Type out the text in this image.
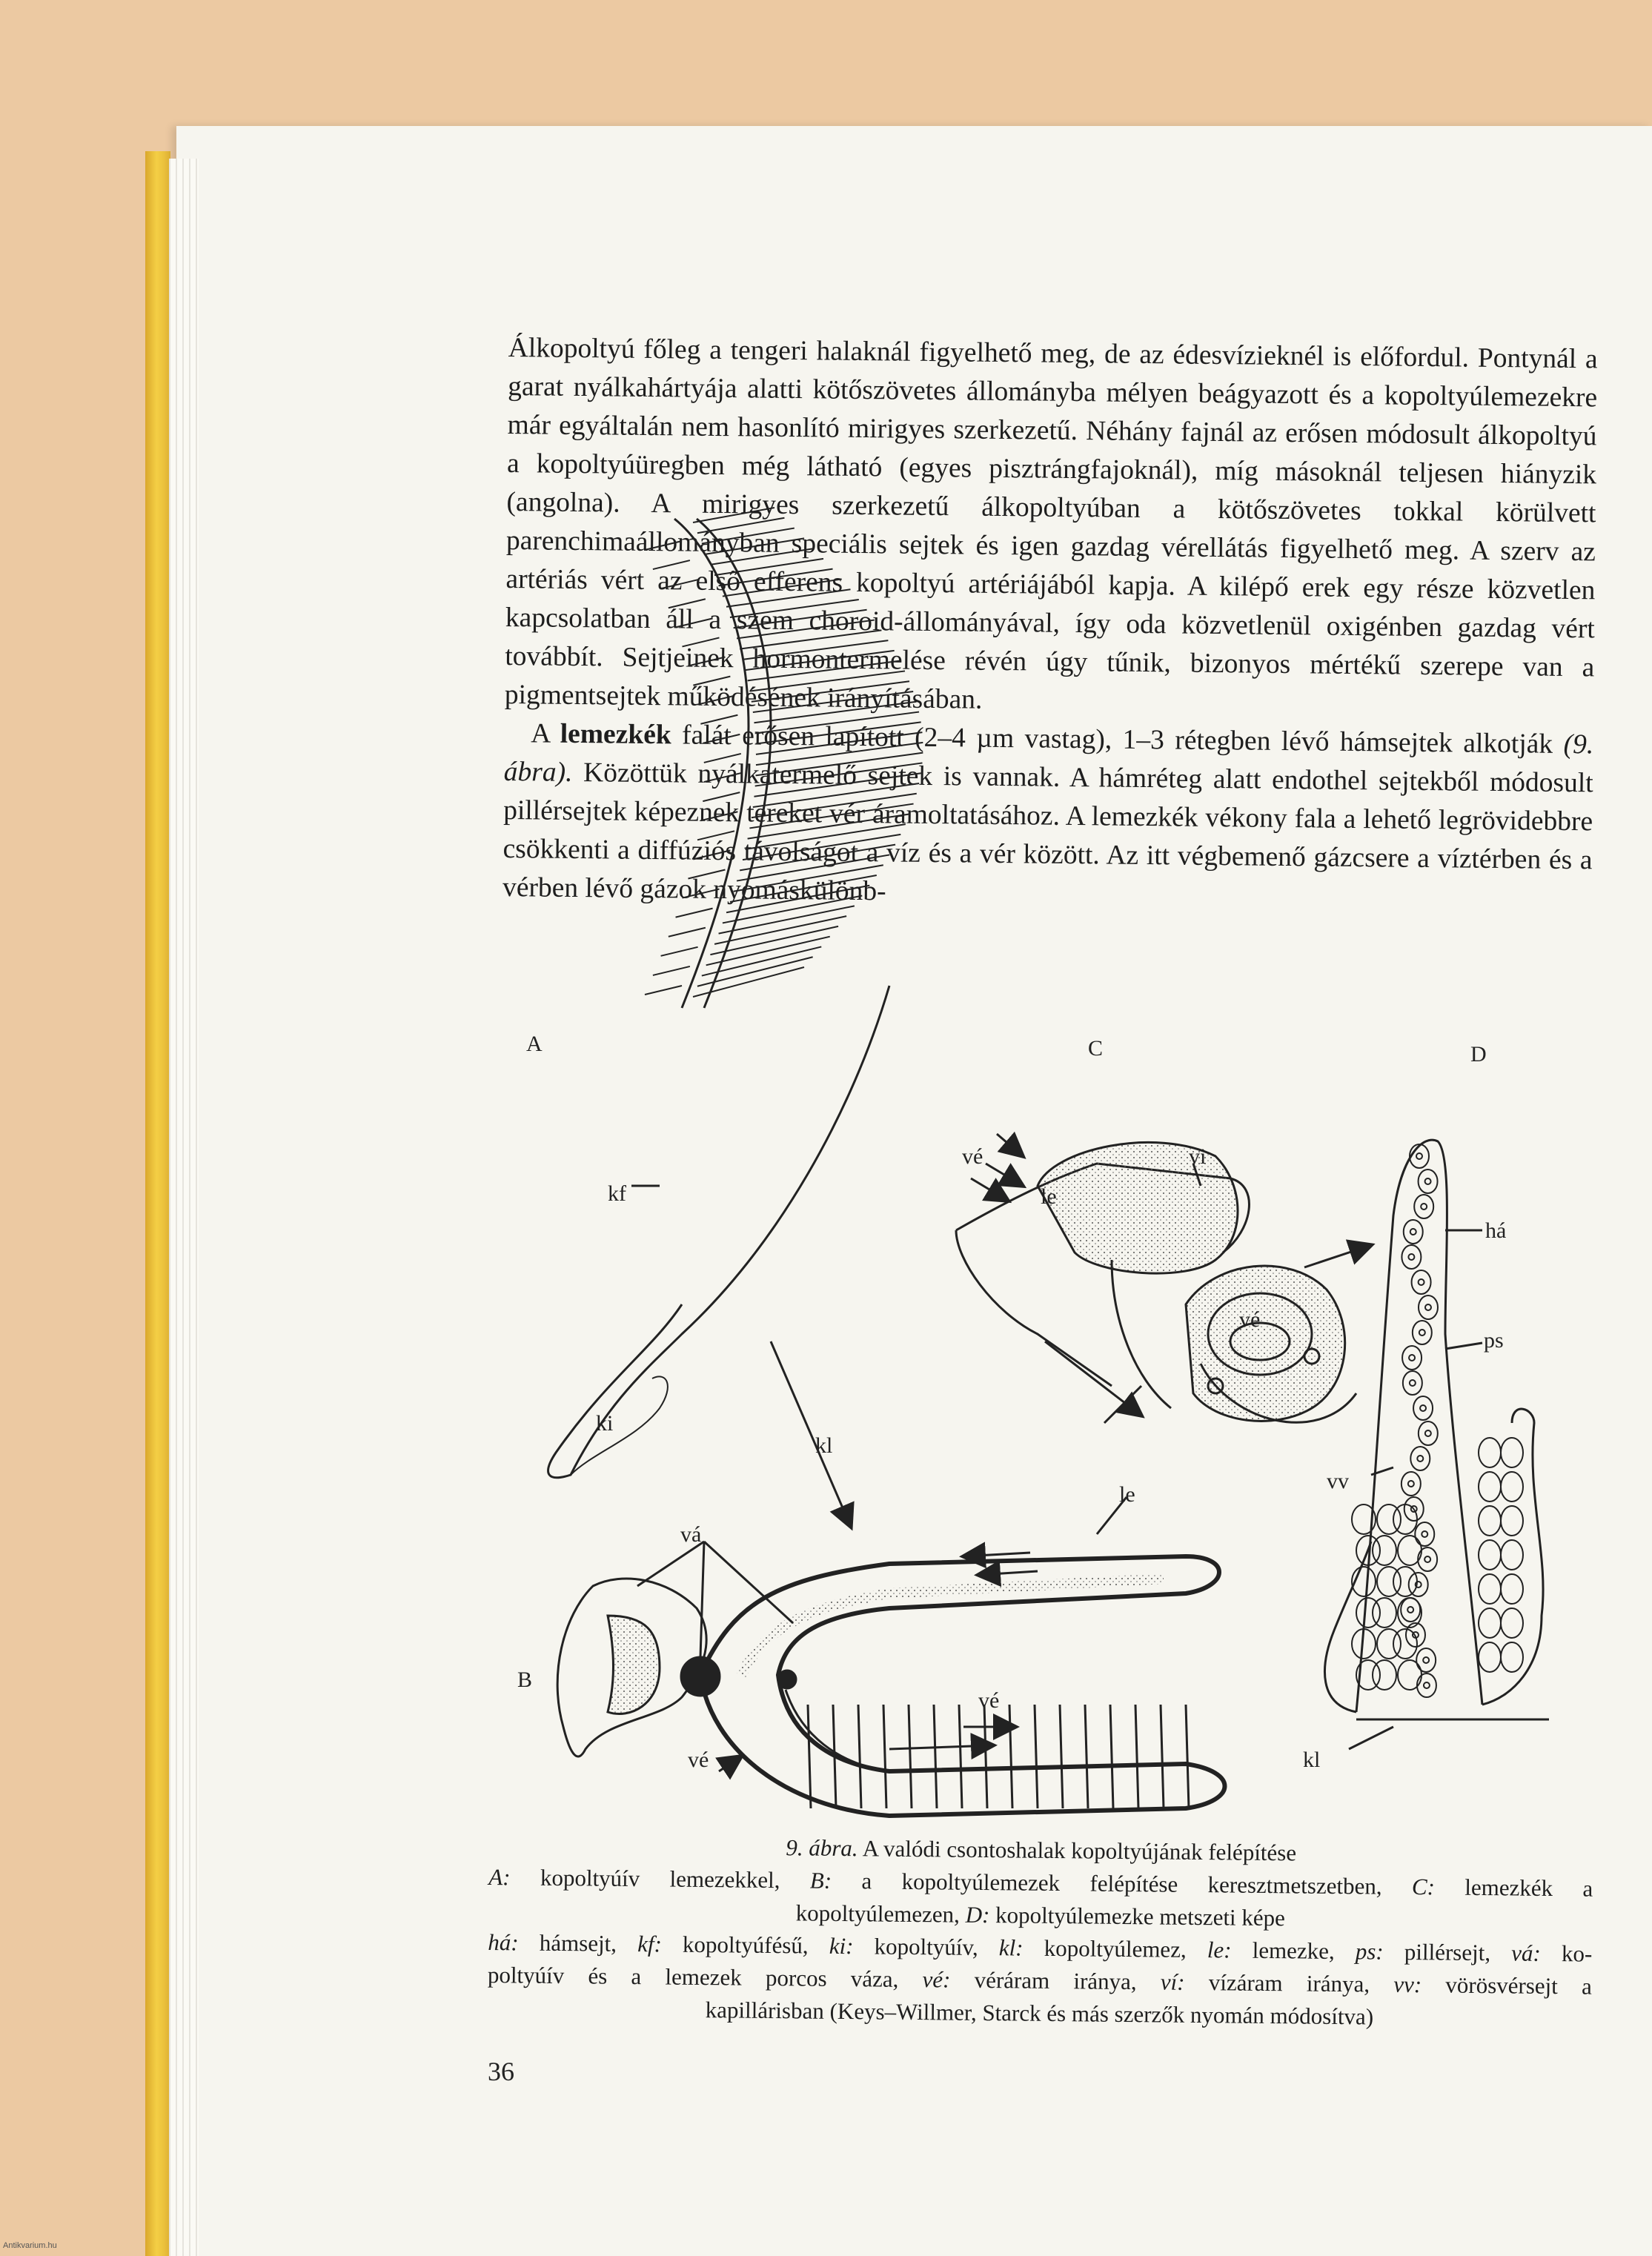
Álkopoltyú főleg a tengeri halaknál figyelhető meg, de az édesvízieknél is előfordul. Pontynál a garat nyálkahártyája alatti kötőszövetes állományba mélyen beágyazott és a kopoltyúlemezekre már egyáltalán nem hasonlító mirigyes szerkezetű. Néhány fajnál az erősen módosult álkopoltyú a kopoltyúüregben még látható (egyes pisztrángfajoknál), míg másoknál teljesen hiányzik (angolna). A mirigyes szerkezetű álkopoltyúban a kötőszövetes tokkal körülvett parenchimaállományban speciális sejtek és igen gazdag vérellátás figyelhető meg. A szerv az artériás vért az első efferens kopoltyú artériájából kapja. A kilépő erek egy része közvetlen kapcsolatban áll a szem choroid-állományával, így oda közvetlenül oxigénben gazdag vért továbbít. Sejtjeinek hormontermelése révén úgy tűnik, bizonyos mértékű szerepe van a pigmentsejtek működésének irányításában.

A lemezkék falát erősen lapított (2–4 µm vastag), 1–3 rétegben lévő hámsejtek alkotják (9. ábra). Közöttük nyálkatermelő sejtek is vannak. A hámréteg alatt endothel sejtekből módosult pillérsejtek képeznek tereket vér áramoltatásához. A lemezkék vékony fala a lehető legrövidebbre csökkenti a diffúziós távolságot a víz és a vér között. Az itt végbemenő gázcsere a víztérben és a vérben lévő gázok nyomáskülönb-

A
kf
ki
kl
C
vé
le
vi
vé
B
vá
le
vé
vé
D
há
ps
vv
kl
9. ábra. A valódi csontoshalak kopoltyújának felépítése
A: kopoltyúív lemezekkel, B: a kopoltyúlemezek felépítése keresztmetszetben, C: lemezkék a
kopoltyúlemezen, D: kopoltyúlemezke metszeti képe
há: hámsejt, kf: kopoltyúfésű, ki: kopoltyúív, kl: kopoltyúlemez, le: lemezke, ps: pillérsejt, vá: ko-
poltyúív és a lemezek porcos váza, vé: véráram iránya, ví: vízáram iránya, vv: vörösvérsejt a
kapillárisban (Keys–Willmer, Starck és más szerzők nyomán módosítva)
36
Antikvarium.hu
